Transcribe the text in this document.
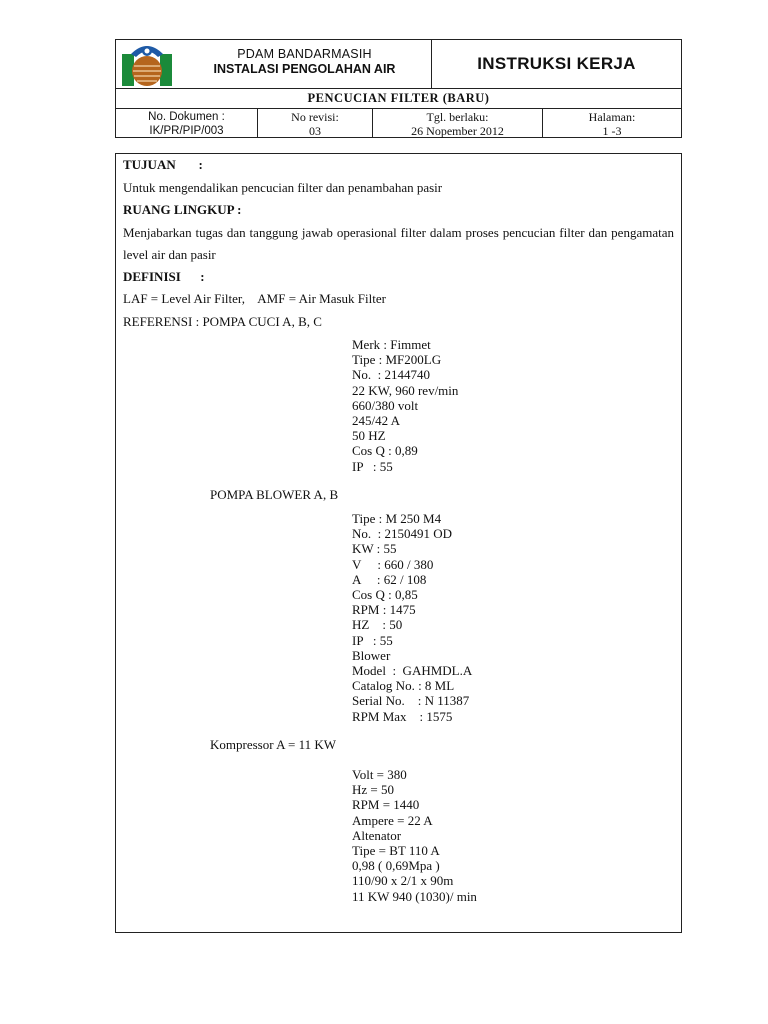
PDAM BANDARMASIH
INSTALASI PENGOLAHAN AIR	INSTRUKSI KERJA
PENCUCIAN FILTER (BARU)
No. Dokumen :
IK/PR/PIP/003
No revisi:
03
Tgl. berlaku:
26 Nopember 2012
Halaman:
1 -3

TUJUAN       :

Untuk mengendalikan pencucian filter dan penambahan pasir

RUANG LINGKUP :

Menjabarkan tugas dan tanggung jawab operasional filter dalam proses pencucian filter dan pengamatan level air dan pasir

DEFINISI      :

LAF = Level Air Filter,    AMF = Air Masuk Filter

REFERENSI : POMPA CUCI A, B, C

Merk : Fimmet
Tipe : MF200LG
No.  : 2144740
22 KW, 960 rev/min
660/380 volt
245/42 A
50 HZ
Cos Q : 0,89
IP   : 55
POMPA BLOWER A, B
Tipe : M 250 M4
No.  : 2150491 OD
KW : 55
V     : 660 / 380
A     : 62 / 108
Cos Q : 0,85
RPM : 1475
HZ    : 50
IP   : 55
Blower
Model  :  GAHMDL.A
Catalog No. : 8 ML
Serial No.    : N 11387
RPM Max    : 1575
Kompressor A = 11 KW
Volt = 380
Hz = 50
RPM = 1440
Ampere = 22 A
Altenator
Tipe = BT 110 A
0,98 ( 0,69Mpa )
110/90 x 2/1 x 90m
11 KW 940 (1030)/ min
